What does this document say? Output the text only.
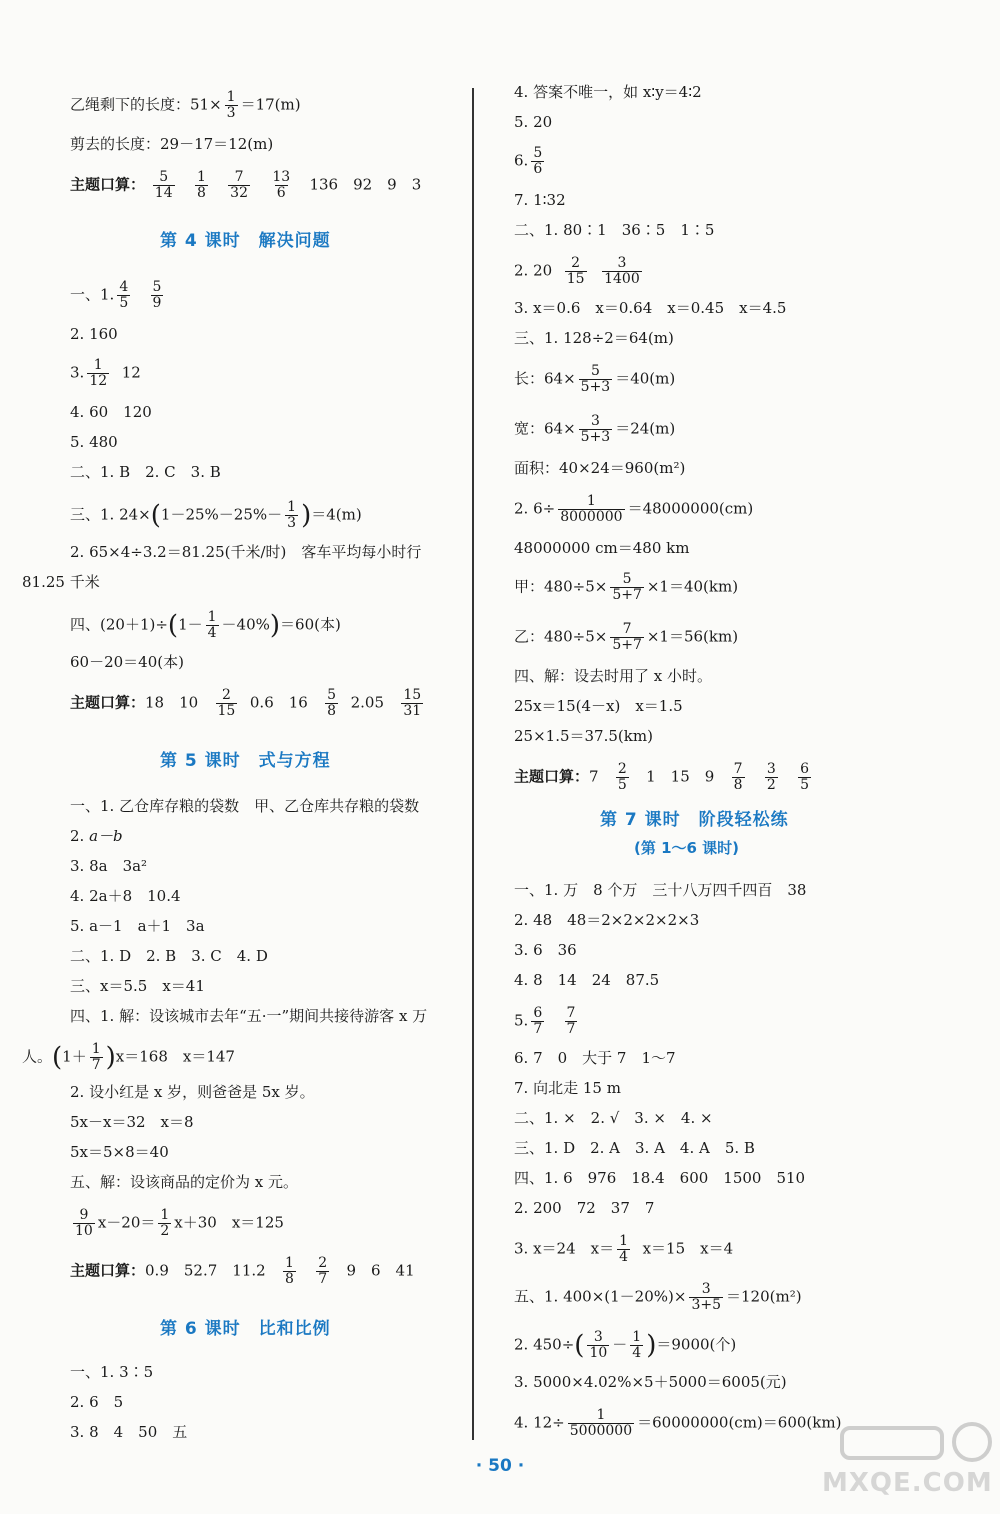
乙绳剩下的长度：$51\times \frac{1}{3} =17(m)$
剪去的长度：29－17＝12(m)
主题口算： $\frac{5}{14}$
$\frac{1}{8}$
$\frac{7}{32}$
$\frac{13}{6} 136$　92　9　3
第 4 课时　解决问题
一、1. $\frac{4}{5}$
$\frac{5}{9}$
2. 160
3. $\frac{1}{12} 12$
4. 60　120
5. 480
二、1. B　2. C　3. B
三、1. $24\times(1-25\%-25\%- \frac{1}{3} )=4(m)$
2. 65×4÷3.2＝81.25(千米/时)　客车平均每小时行
81.25 千米
四、$(20+1)\div(1- \frac{1}{4} -40\%)=60$(本)
60－20＝40(本)
主题口算：18　$10 \frac{2}{15} 0.6$　$16 \frac{5}{8} 2.05 \frac{15}{31}$
第 5 课时　式与方程
一、1. 乙仓库存粮的袋数　甲、乙仓库共存粮的袋数
2. a－b
3. 8a　3a²
4. 2a＋8　10.4
5. a－1　a＋1　3a
二、1. D　2. B　3. C　4. D
三、x＝5.5　x＝41
四、1. 解：设该城市去年“五·一”期间共接待游客 x 万
人。$(1+ \frac{1}{7} )x=168$　x＝147
2. 设小红是 x 岁，则爸爸是 5x 岁。
5x－x＝32　x＝8
5x＝5×8＝40
五、解：设该商品的定价为 x 元。
$\frac{9}{10} x-20= \frac{1}{2} x+30$　x＝125
主题口算：0.9　52.7　$11.2 \frac{1}{8}$
$\frac{2}{7} 9$　6　41
第 6 课时　比和比例
一、1. 3∶5
2. 6　5
3. 8　4　50　五
4. 答案不唯一，如 x∶y＝4∶2
5. 20
6. $\frac{5}{6}$
7. 1∶32
二、1. 80∶1　36∶5　1∶5
2. $20 \frac{2}{15}$
$\frac{3}{1400}$
3. x＝0.6　x＝0.64　x＝0.45　x＝4.5
三、1. 128÷2＝64(m)
长：$64\times \frac{5}{5+3} =40(m)$
宽：$64\times \frac{3}{5+3} =24(m)$
面积：40×24＝960(m²)
2. $6\div \frac{1}{8000000} =48000000(cm)$
48000000 cm＝480 km
甲：$480\div 5\times \frac{5}{5+7} \times 1=40(km)$
乙：$480\div 5\times \frac{7}{5+7} \times 1=56(km)$
四、解：设去时用了 x 小时。
25x＝15(4－x)　x＝1.5
25×1.5＝37.5(km)
主题口算：$7 \frac{2}{5} 1$　15　$9 \frac{7}{8}$
$\frac{3}{2}$
$\frac{6}{5}$
第 7 课时　阶段轻松练
(第 1～6 课时)
一、1. 万　8 个万　三十八万四千四百　38
2. 48　48＝2×2×2×2×3
3. 6　36
4. 8　14　24　87.5
5. $\frac{6}{7}$
$\frac{7}{7}$
6. 7　0　大于 7　1～7
7. 向北走 15 m
二、1. ×　2. √　3. ×　4. ×
三、1. D　2. A　3. A　4. A　5. B
四、1. 6　976　18.4　600　1500　510
2. 200　72　37　7
3. x＝24　$x= \frac{1}{4} x=15$　x＝4
五、1. $400\times(1-20\%)\times \frac{3}{3+5} =120(m^2)$
2. $450\div( \frac{3}{10} - \frac{1}{4} )=9000$(个)
3. 5000×4.02%×5＋5000＝6005(元)
4. $12\div \frac{1}{5000000} =60000000(cm)=600(km)$
· 50 ·
MXQE.COM
